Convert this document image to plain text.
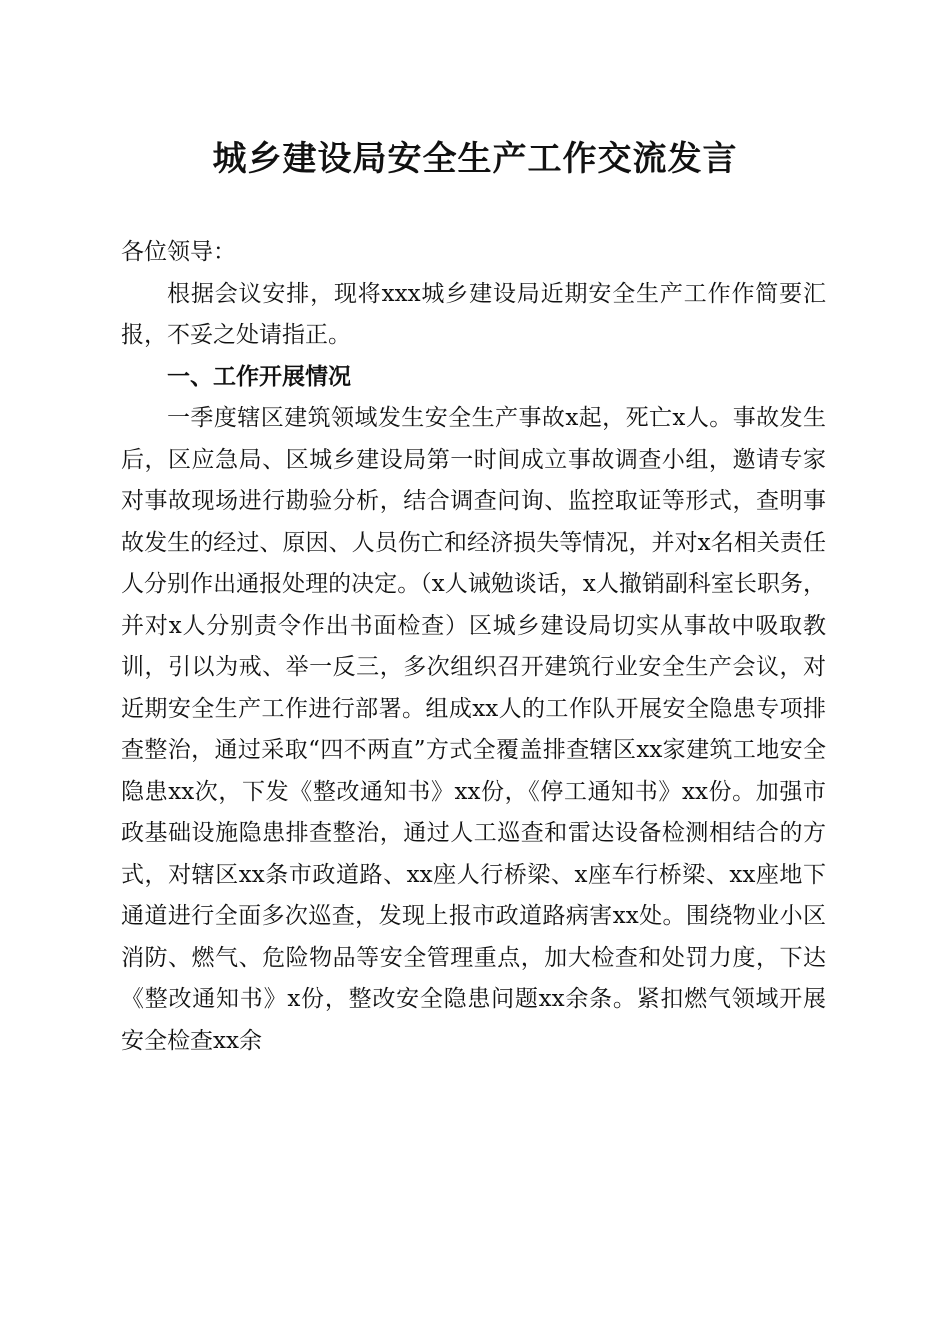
城乡建设局安全生产工作交流发言

各位领导：

根据会议安排，现将xxx城乡建设局近期安全生产工作作简要汇报，不妥之处请指正。

一、工作开展情况

一季度辖区建筑领域发生安全生产事故x起，死亡x人。事故发生后，区应急局、区城乡建设局第一时间成立事故调查小组，邀请专家对事故现场进行勘验分析，结合调查问询、监控取证等形式，查明事故发生的经过、原因、人员伤亡和经济损失等情况，并对x名相关责任人分别作出通报处理的决定。（x人诫勉谈话，x人撤销副科室长职务，并对x人分别责令作出书面检查）区城乡建设局切实从事故中吸取教训，引以为戒、举一反三，多次组织召开建筑行业安全生产会议，对近期安全生产工作进行部署。组成xx人的工作队开展安全隐患专项排查整治，通过采取“四不两直”方式全覆盖排查辖区xx家建筑工地安全隐患xx次，下发《整改通知书》xx份，《停工通知书》xx份。加强市政基础设施隐患排查整治，通过人工巡查和雷达设备检测相结合的方式，对辖区xx条市政道路、xx座人行桥梁、x座车行桥梁、xx座地下通道进行全面多次巡查，发现上报市政道路病害xx处。围绕物业小区消防、燃气、危险物品等安全管理重点，加大检查和处罚力度，下达《整改通知书》x份，整改安全隐患问题xx余条。紧扣燃气领域开展安全检查xx余
